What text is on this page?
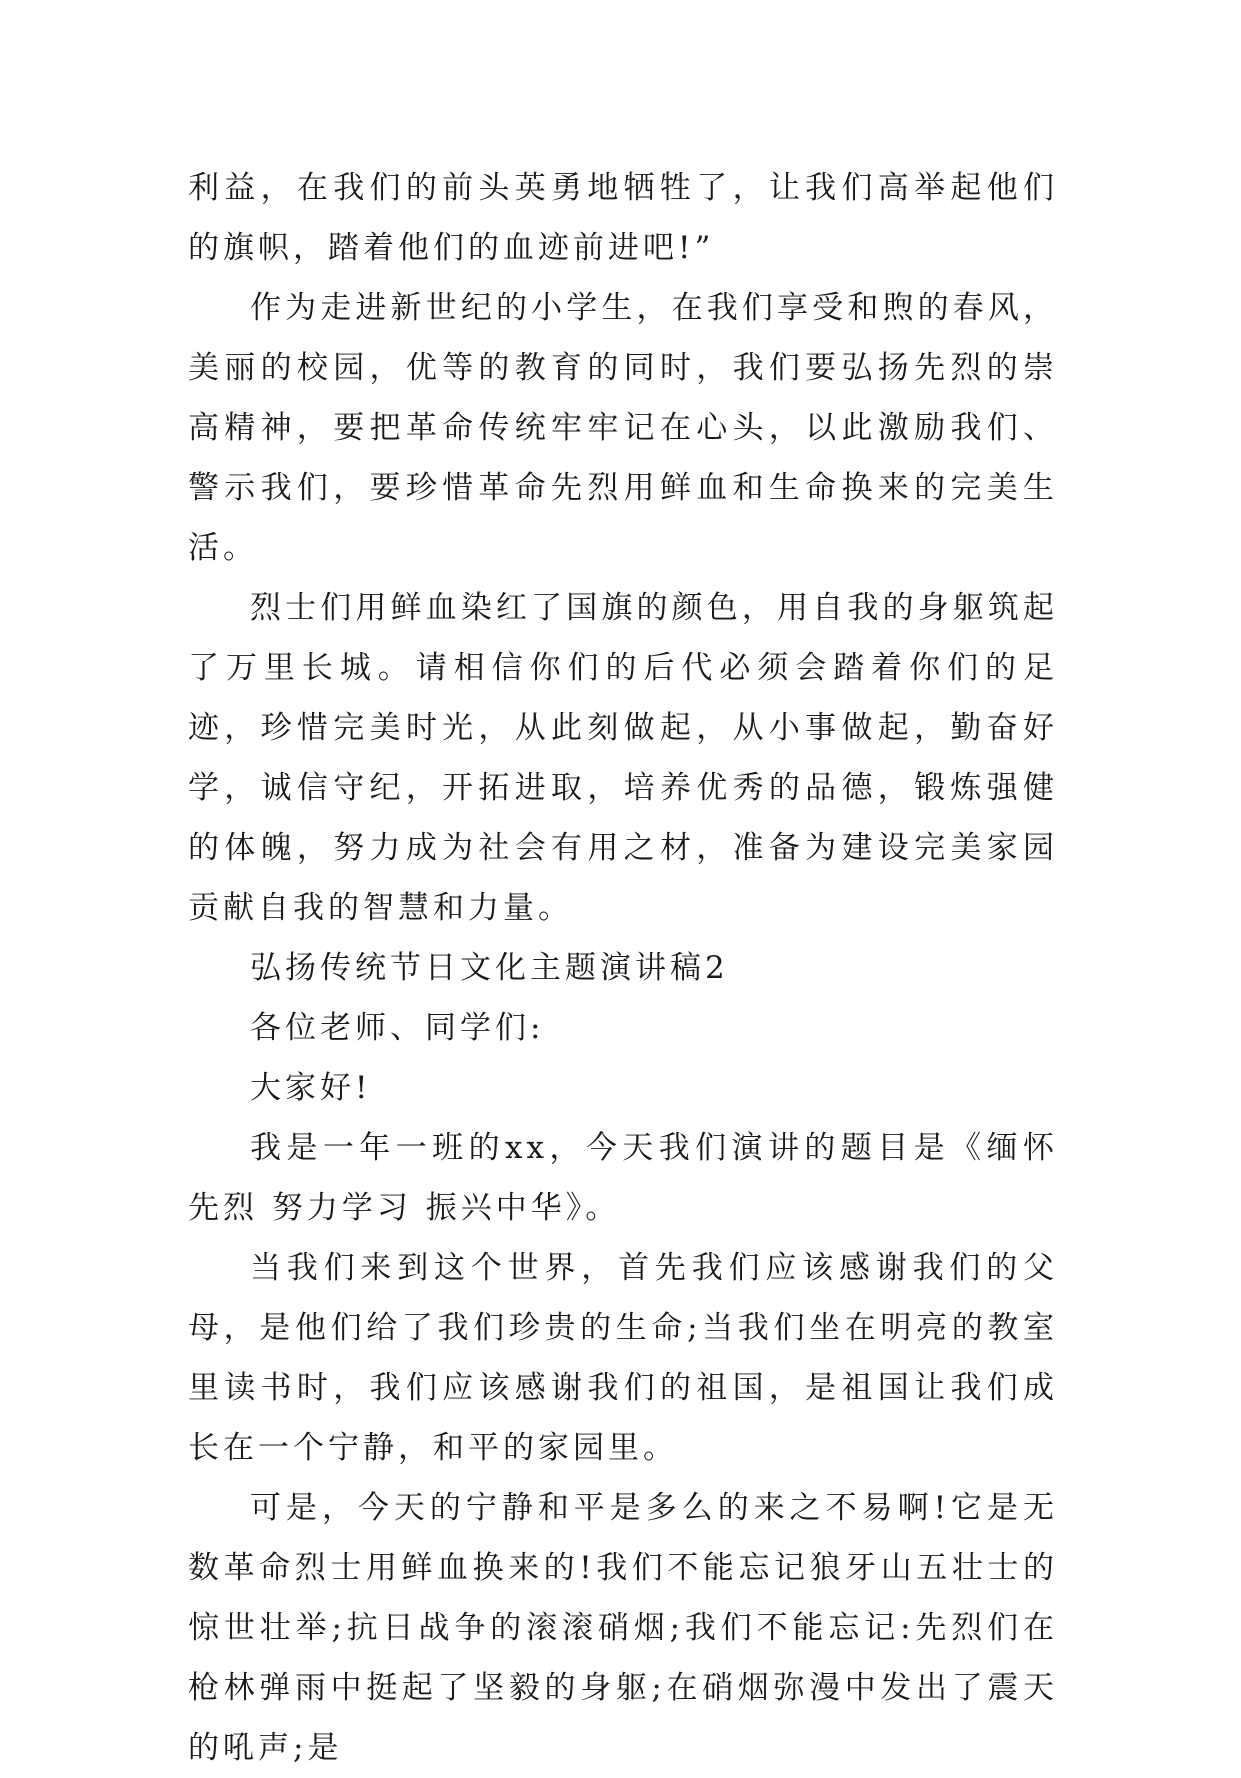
利益，在我们的前头英勇地牺牲了，让我们高举起他们的旗帜，踏着他们的血迹前进吧!”

作为走进新世纪的小学生，在我们享受和煦的春风，美丽的校园，优等的教育的同时，我们要弘扬先烈的崇高精神，要把革命传统牢牢记在心头，以此激励我们、警示我们，要珍惜革命先烈用鲜血和生命换来的完美生活。

烈士们用鲜血染红了国旗的颜色，用自我的身躯筑起了万里长城。请相信你们的后代必须会踏着你们的足迹，珍惜完美时光，从此刻做起，从小事做起，勤奋好学，诚信守纪，开拓进取，培养优秀的品德，锻炼强健的体魄，努力成为社会有用之材，准备为建设完美家园贡献自我的智慧和力量。

弘扬传统节日文化主题演讲稿2

各位老师、同学们:

大家好!

我是一年一班的xx，今天我们演讲的题目是《缅怀先烈 努力学习 振兴中华》。

当我们来到这个世界，首先我们应该感谢我们的父母，是他们给了我们珍贵的生命;当我们坐在明亮的教室里读书时，我们应该感谢我们的祖国，是祖国让我们成长在一个宁静，和平的家园里。

可是，今天的宁静和平是多么的来之不易啊!它是无数革命烈士用鲜血换来的!我们不能忘记狼牙山五壮士的惊世壮举;抗日战争的滚滚硝烟;我们不能忘记:先烈们在枪林弹雨中挺起了坚毅的身躯;在硝烟弥漫中发出了震天的吼声;是
